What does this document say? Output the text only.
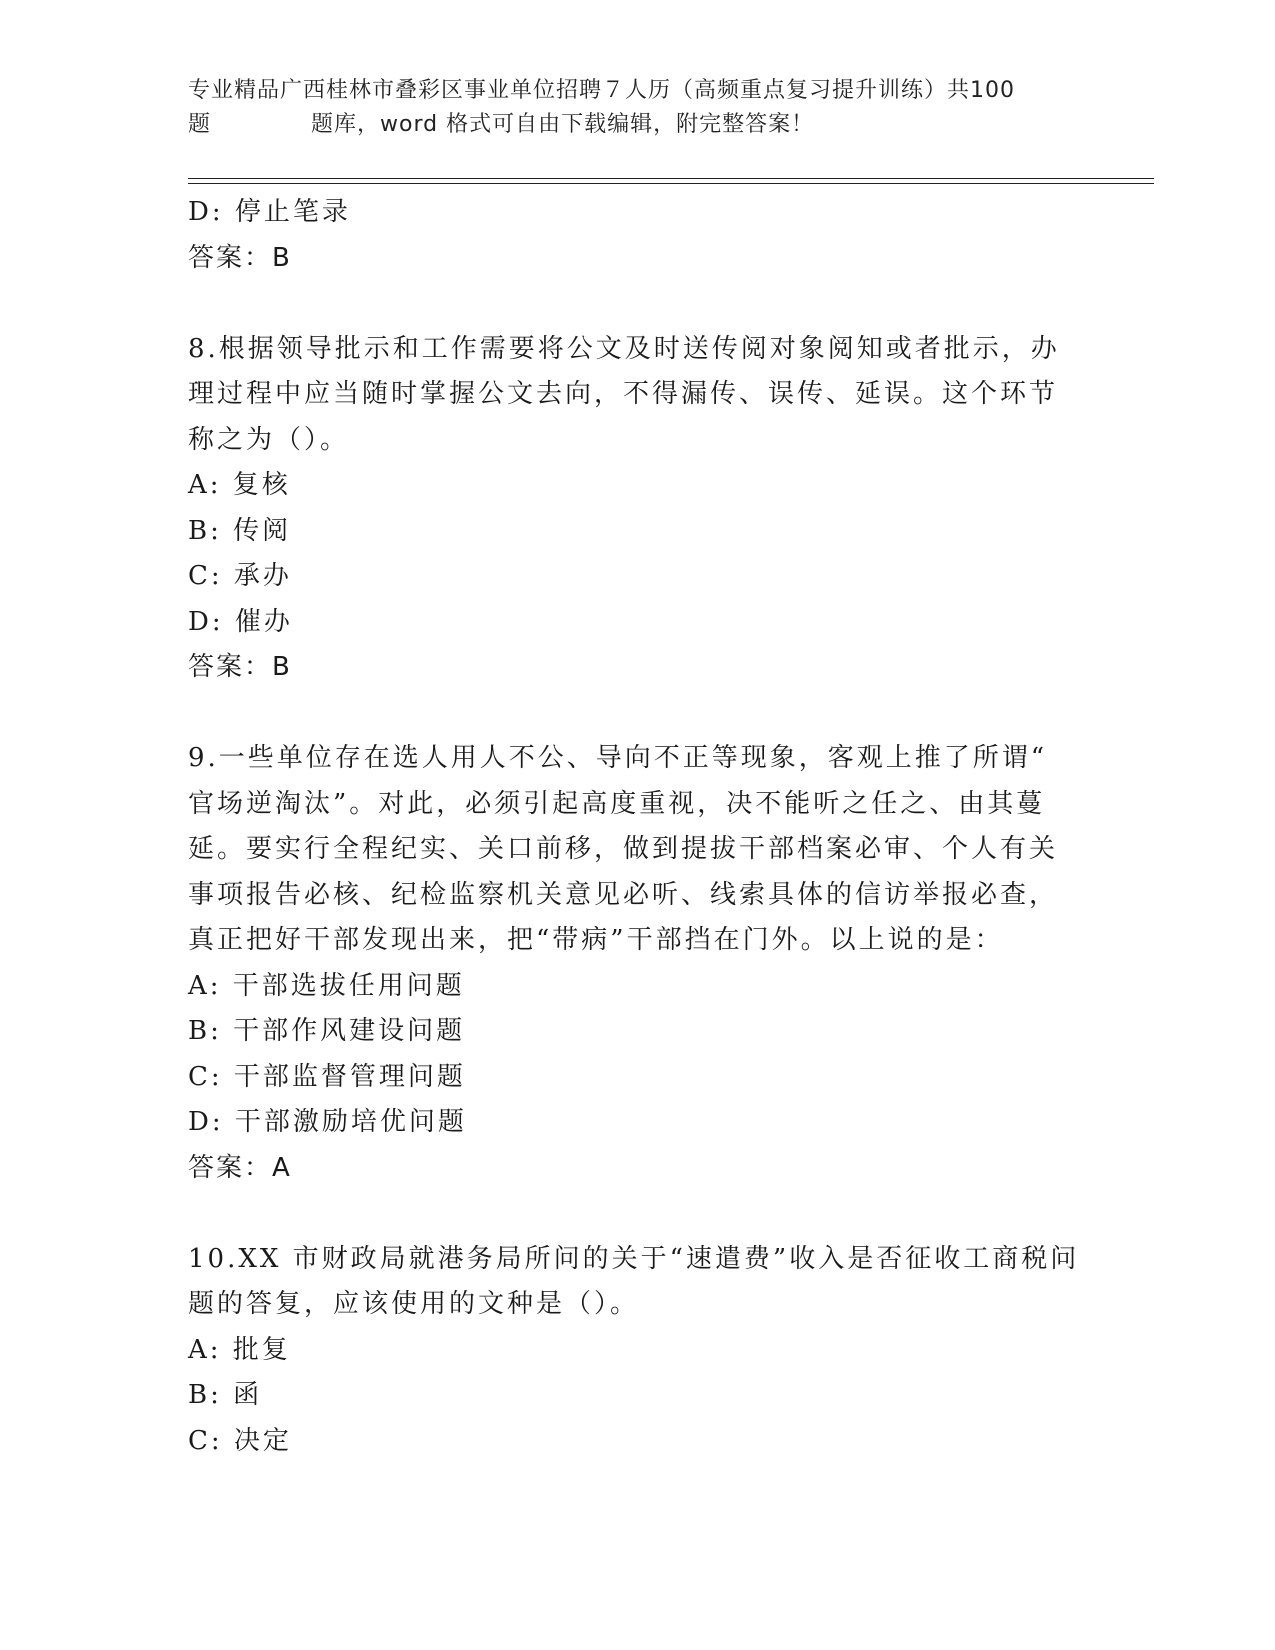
专业精品广西桂林市叠彩区事业单位招聘７人历（高频重点复习提升训练）共100
题	题库，word 格式可自由下载编辑，附完整答案！
D: 停止笔录
答案：B
8.根据领导批示和工作需要将公文及时送传阅对象阅知或者批示，办
理过程中应当随时掌握公文去向，不得漏传、误传、延误。这个环节
称之为（）。
A: 复核
B: 传阅
C: 承办
D: 催办
答案：B
9.一些单位存在选人用人不公、导向不正等现象，客观上推了所谓“
官场逆淘汰”。对此，必须引起高度重视，决不能听之任之、由其蔓
延。要实行全程纪实、关口前移，做到提拔干部档案必审、个人有关
事项报告必核、纪检监察机关意见必听、线索具体的信访举报必查，
真正把好干部发现出来，把“带病”干部挡在门外。以上说的是：
A: 干部选拔任用问题
B: 干部作风建设问题
C: 干部监督管理问题
D: 干部激励培优问题
答案：A
10.XX 市财政局就港务局所问的关于“速遣费”收入是否征收工商税问
题的答复，应该使用的文种是（）。
A: 批复
B: 函
C: 决定
